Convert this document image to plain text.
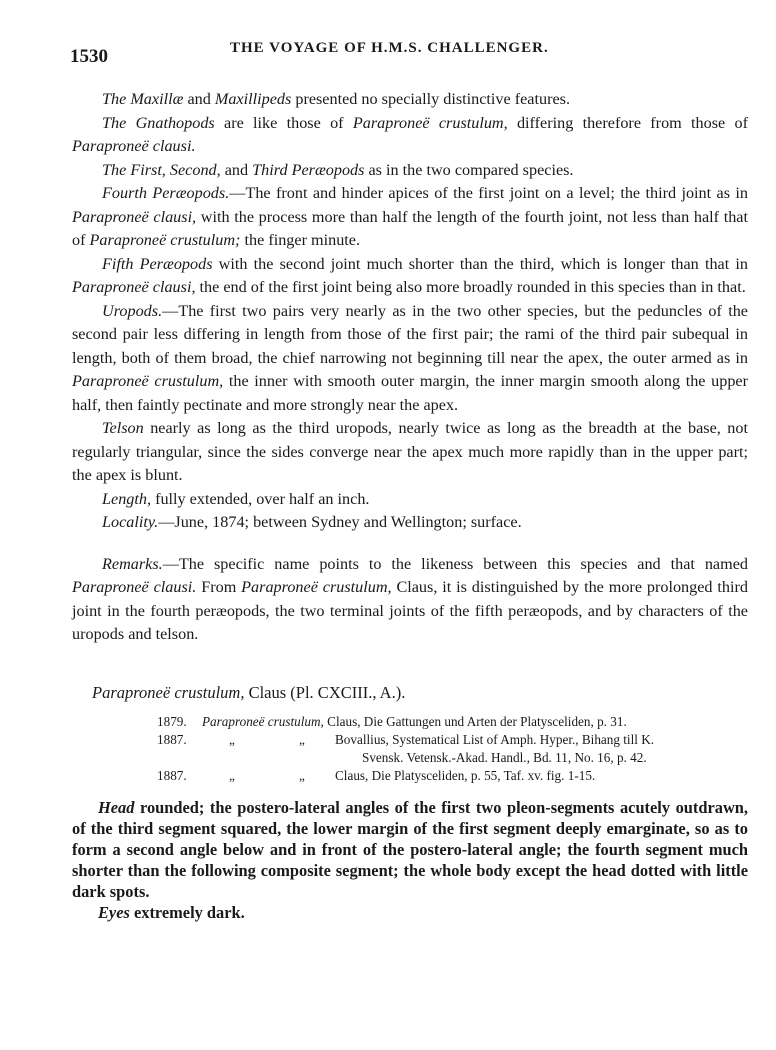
1530	THE VOYAGE OF H.M.S. CHALLENGER.

The Maxillæ and Maxillipeds presented no specially distinctive features.

The Gnathopods are like those of Paraproneë crustulum, differing therefore from those of Paraproneë clausi.

The First, Second, and Third Peræopods as in the two compared species.

Fourth Peræopods.—The front and hinder apices of the first joint on a level; the third joint as in Paraproneë clausi, with the process more than half the length of the fourth joint, not less than half that of Paraproneë crustulum; the finger minute.

Fifth Peræopods with the second joint much shorter than the third, which is longer than that in Paraproneë clausi, the end of the first joint being also more broadly rounded in this species than in that.

Uropods.—The first two pairs very nearly as in the two other species, but the peduncles of the second pair less differing in length from those of the first pair; the rami of the third pair subequal in length, both of them broad, the chief narrowing not beginning till near the apex, the outer armed as in Paraproneë crustulum, the inner with smooth outer margin, the inner margin smooth along the upper half, then faintly pectinate and more strongly near the apex.

Telson nearly as long as the third uropods, nearly twice as long as the breadth at the base, not regularly triangular, since the sides converge near the apex much more rapidly than in the upper part; the apex is blunt.

Length, fully extended, over half an inch.

Locality.—June, 1874; between Sydney and Wellington; surface.

Remarks.—The specific name points to the likeness between this species and that named Paraproneë clausi. From Paraproneë crustulum, Claus, it is distinguished by the more prolonged third joint in the fourth peræopods, the two terminal joints of the fifth peræopods, and by characters of the uropods and telson.

Paraproneë crustulum, Claus (Pl. CXCIII., A.).
1879.	Paraproneë crustulum, Claus, Die Gattungen und Arten der Platysceliden, p. 31.
1887.	„	„ Bovallius, Systematical List of Amph. Hyper., Bihang till K.
Svensk. Vetensk.-Akad. Handl., Bd. 11, No. 16, p. 42.
1887.	„	„ Claus, Die Platysceliden, p. 55, Taf. xv. fig. 1-15.

Head rounded; the postero-lateral angles of the first two pleon-segments acutely outdrawn, of the third segment squared, the lower margin of the first segment deeply emarginate, so as to form a second angle below and in front of the postero-lateral angle; the fourth segment much shorter than the following composite segment; the whole body except the head dotted with little dark spots.

Eyes extremely dark.
